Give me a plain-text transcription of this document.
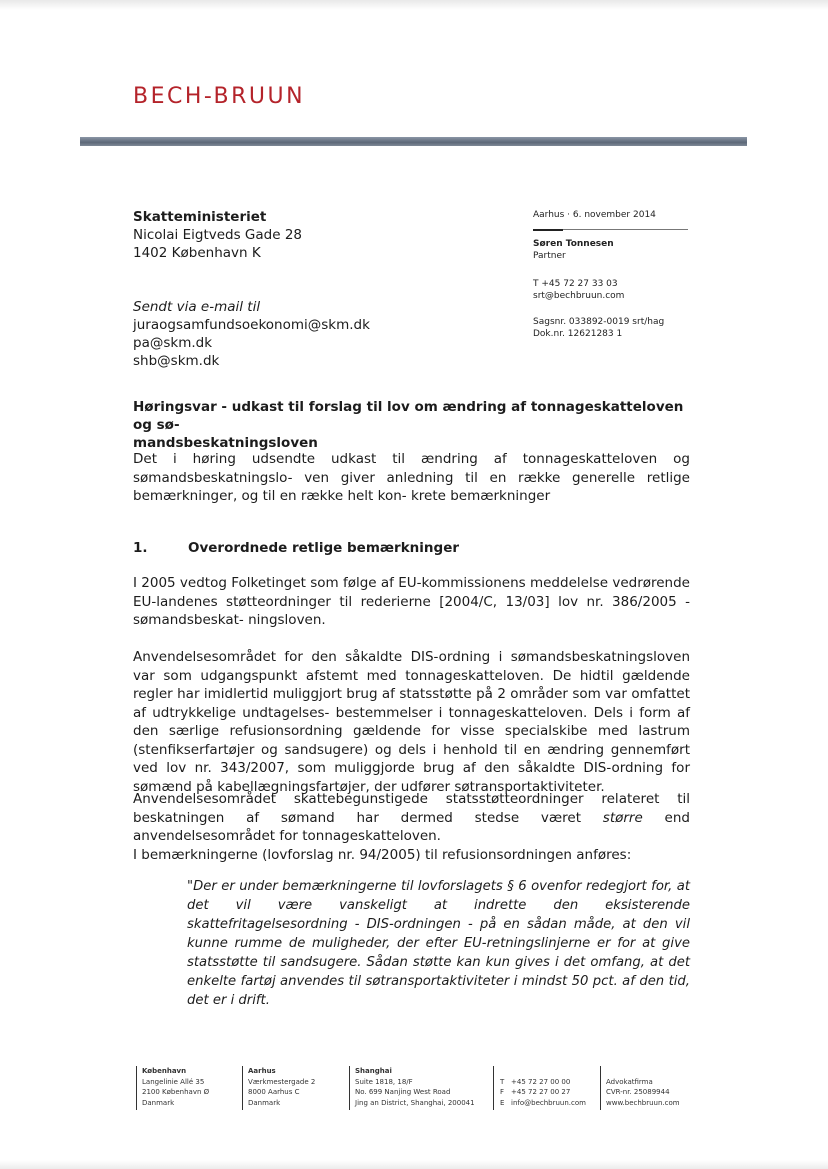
BECH-BRUUN
Skatteministeriet
Nicolai Eigtveds Gade 28
1402 København K
Sendt via e-mail til
juraogsamfundsoekonomi@skm.dk
pa@skm.dk
shb@skm.dk
Aarhus · 6. november 2014
Søren Tonnesen
Partner
T +45 72 27 33 03
srt@bechbruun.com
Sagsnr. 033892-0019 srt/hag
Dok.nr. 12621283 1
Høringsvar - udkast til forslag til lov om ændring af tonnageskatteloven og sø-
mandsbeskatningsloven
Det i høring udsendte udkast til ændring af tonnageskatteloven og sømandsbeskatningslo- ven giver anledning til en række generelle retlige bemærkninger, og til en række helt kon- krete bemærkninger
1.	Overordnede retlige bemærkninger
I 2005 vedtog Folketinget som følge af EU-kommissionens meddelelse vedrørende EU-landenes støtteordninger til rederierne [2004/C, 13/03] lov nr. 386/2005 - sømandsbeskat- ningsloven.
Anvendelsesområdet for den såkaldte DIS-ordning i sømandsbeskatningsloven var som udgangspunkt afstemt med tonnageskatteloven. De hidtil gældende regler har imidlertid muliggjort brug af statsstøtte på 2 områder som var omfattet af udtrykkelige undtagelses- bestemmelser i tonnageskatteloven. Dels i form af den særlige refusionsordning gældende for visse specialskibe med lastrum (stenfikserfartøjer og sandsugere) og dels i henhold til en ændring gennemført ved lov nr. 343/2007, som muliggjorde brug af den såkaldte DIS-ordning for sømænd på kabellægningsfartøjer, der udfører søtransportaktiviteter.
Anvendelsesområdet skattebegunstigede statsstøtteordninger relateret til beskatningen af sømand har dermed stedse været større end anvendelsesområdet for tonnageskatteloven.
I bemærkningerne (lovforslag nr. 94/2005) til refusionsordningen anføres:
"Der er under bemærkningerne til lovforslagets § 6 ovenfor redegjort for, at det vil være vanskeligt at indrette den eksisterende skattefritagelsesordning - DIS-ordningen - på en sådan måde, at den vil kunne rumme de muligheder, der efter EU-retningslinjerne er for at give statsstøtte til sandsugere. Sådan støtte kan kun gives i det omfang, at det enkelte fartøj anvendes til søtransportaktiviteter i mindst 50 pct. af den tid, det er i drift.
København
Langelinie Allé 35
2100 København Ø
Danmark
Aarhus
Værkmestergade 2
8000 Aarhus C
Danmark
Shanghai
Suite 1818, 18/F
No. 699 Nanjing West Road
Jing an District, Shanghai, 200041
T +45 72 27 00 00
F +45 72 27 00 27
E info@bechbruun.com
Advokatfirma
CVR-nr. 25089944
www.bechbruun.com
